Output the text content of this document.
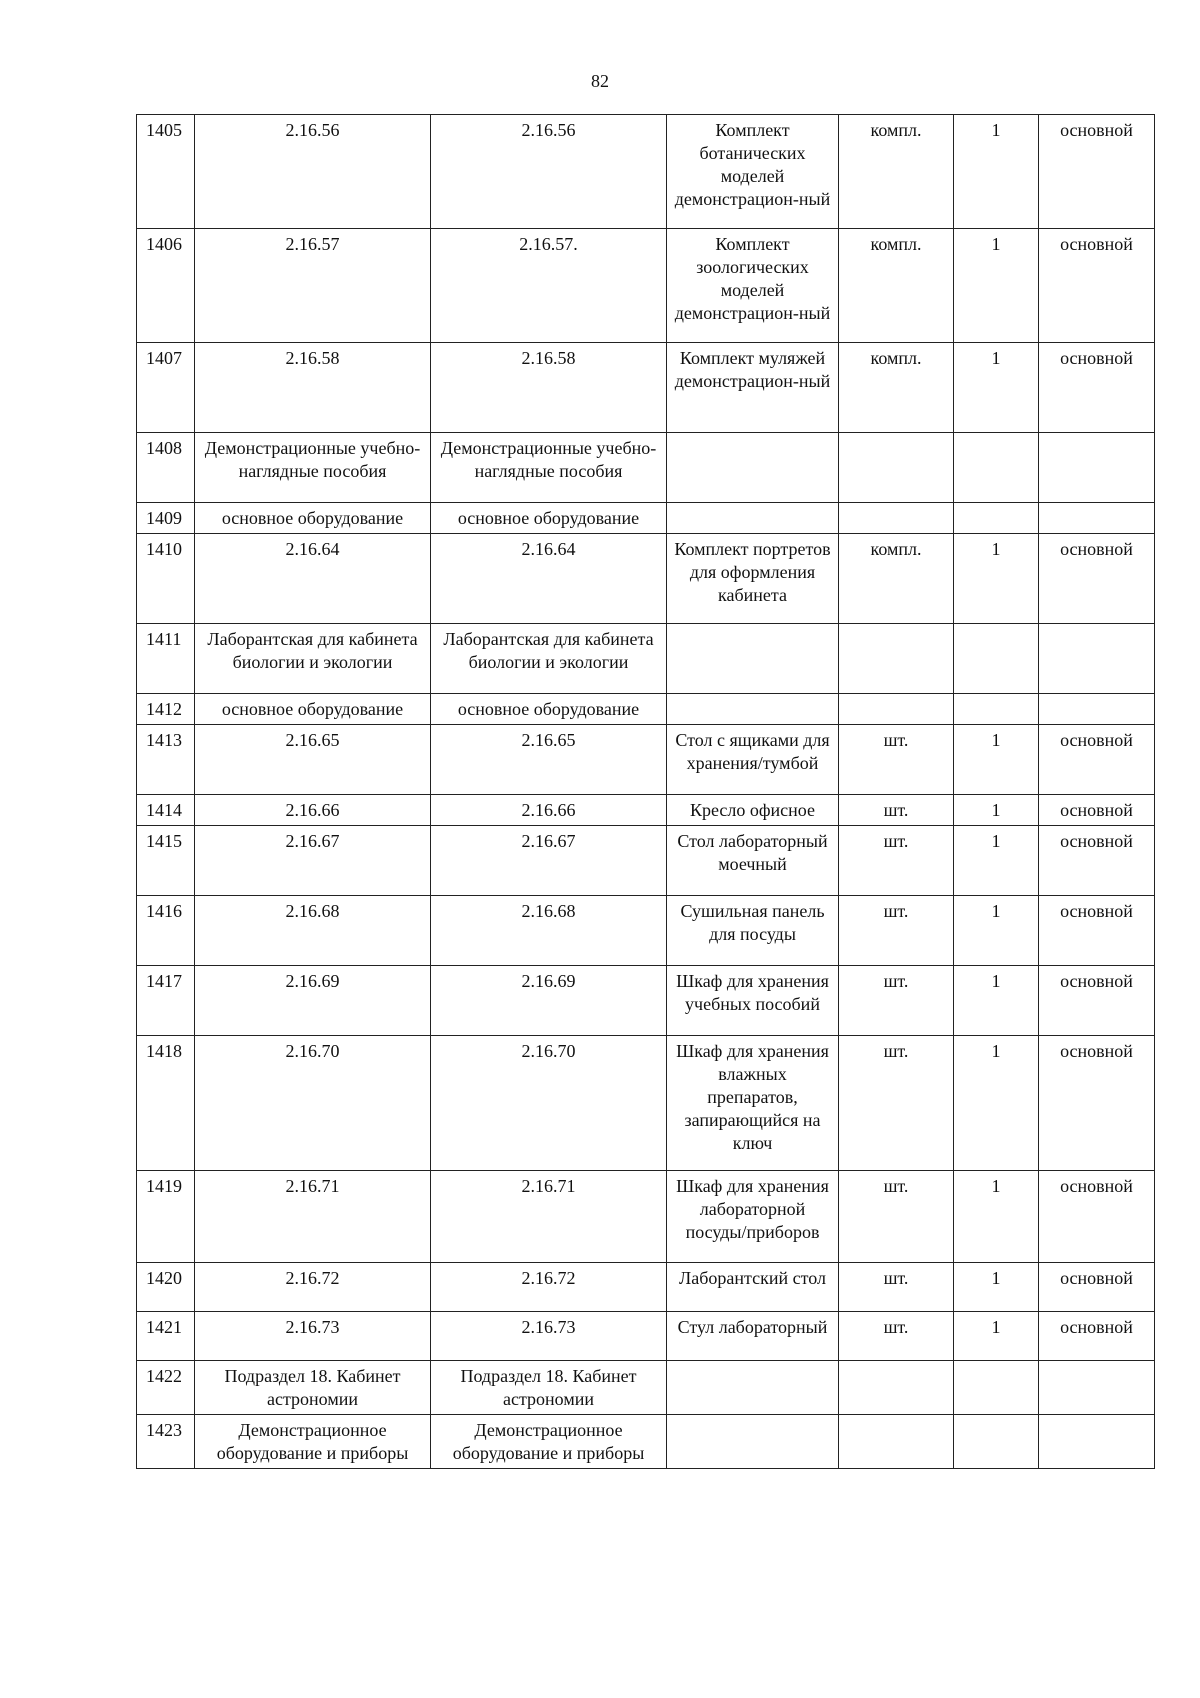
82
1405	2.16.56	2.16.56	Комплект ботанических моделей демонстрацион-ный	компл.	1	основной
1406	2.16.57	2.16.57.	Комплект зоологических моделей демонстрацион-ный	компл.	1	основной
1407	2.16.58	2.16.58	Комплект муляжей демонстрацион-ный	компл.	1	основной
1408	Демонстрационные учебно-наглядные пособия	Демонстрационные учебно-наглядные пособия				
1409	основное оборудование	основное оборудование				
1410	2.16.64	2.16.64	Комплект портретов для оформления кабинета	компл.	1	основной
1411	Лаборантская для кабинета биологии и экологии	Лаборантская для кабинета биологии и экологии				
1412	основное оборудование	основное оборудование				
1413	2.16.65	2.16.65	Стол с ящиками для хранения/тумбой	шт.	1	основной
1414	2.16.66	2.16.66	Кресло офисное	шт.	1	основной
1415	2.16.67	2.16.67	Стол лабораторный моечный	шт.	1	основной
1416	2.16.68	2.16.68	Сушильная панель для посуды	шт.	1	основной
1417	2.16.69	2.16.69	Шкаф для хранения учебных пособий	шт.	1	основной
1418	2.16.70	2.16.70	Шкаф для хранения влажных препаратов, запирающийся на ключ	шт.	1	основной
1419	2.16.71	2.16.71	Шкаф для хранения лабораторной посуды/приборов	шт.	1	основной
1420	2.16.72	2.16.72	Лаборантский стол	шт.	1	основной
1421	2.16.73	2.16.73	Стул лабораторный	шт.	1	основной
1422	Подраздел 18. Кабинет астрономии	Подраздел 18. Кабинет астрономии				
1423	Демонстрационное оборудование и приборы	Демонстрационное оборудование и приборы				
